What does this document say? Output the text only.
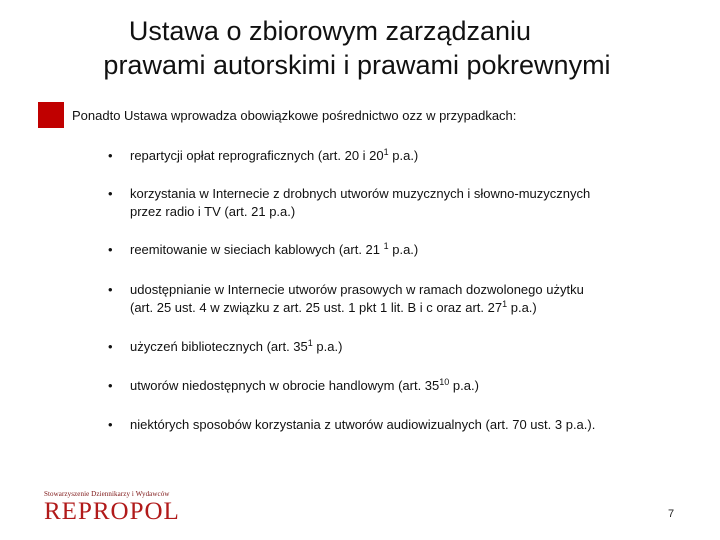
Ustawa o zbiorowym zarządzaniu
prawami autorskimi i prawami pokrewnymi
Ponadto Ustawa wprowadza obowiązkowe pośrednictwo ozz w przypadkach:
•	repartycji opłat reprograficznych (art. 20 i $20^1$ p.a.)
•	korzystania w Internecie z drobnych utworów muzycznych i słowno-muzycznych
przez radio i TV (art. 21 p.a.)
•	reemitowanie w sieciach kablowych (art. 21 $^1$ p.a.)
•	udostępnianie w Internecie utworów prasowych w ramach dozwolonego użytku
(art. 25 ust. 4 w związku z art. 25 ust. 1 pkt 1 lit. B i c oraz art. $27^1$ p.a.)
•	użyczeń bibliotecznych (art. $35^1$ p.a.)
•	utworów niedostępnych w obrocie handlowym (art. $35^{10}$ p.a.)
•	niektórych sposobów korzystania z utworów audiowizualnych (art. 70 ust. 3 p.a.).
Stowarzyszenie Dziennikarzy i Wydawców
REPROPOL	7
